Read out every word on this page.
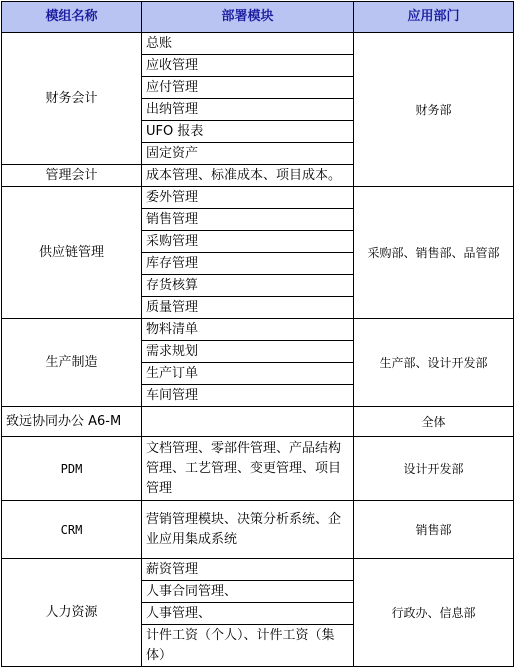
模组名称	部署模块	应用部门
财务会计	总账	财务部
	应收管理	
	应付管理	
	出纳管理	
	UFO 报表	
	固定资产	
管理会计	成本管理、标准成本、项目成本。	
供应链管理	委外管理	采购部、销售部、品管部
	销售管理	
	采购管理	
	库存管理	
	存货核算	
	质量管理	
生产制造	物料清单	生产部、设计开发部
	需求规划	
	生产订单	
	车间管理	
致远协同办公 A6-M		全体
PDM	文档管理、零部件管理、产品结构管理、工艺管理、变更管理、项目管理	设计开发部
CRM	营销管理模块、决策分析系统、企业应用集成系统	销售部
人力资源	薪资管理	行政办、信息部
	人事合同管理、	
	人事管理、	
	计件工资（个人）、计件工资（集体）	
